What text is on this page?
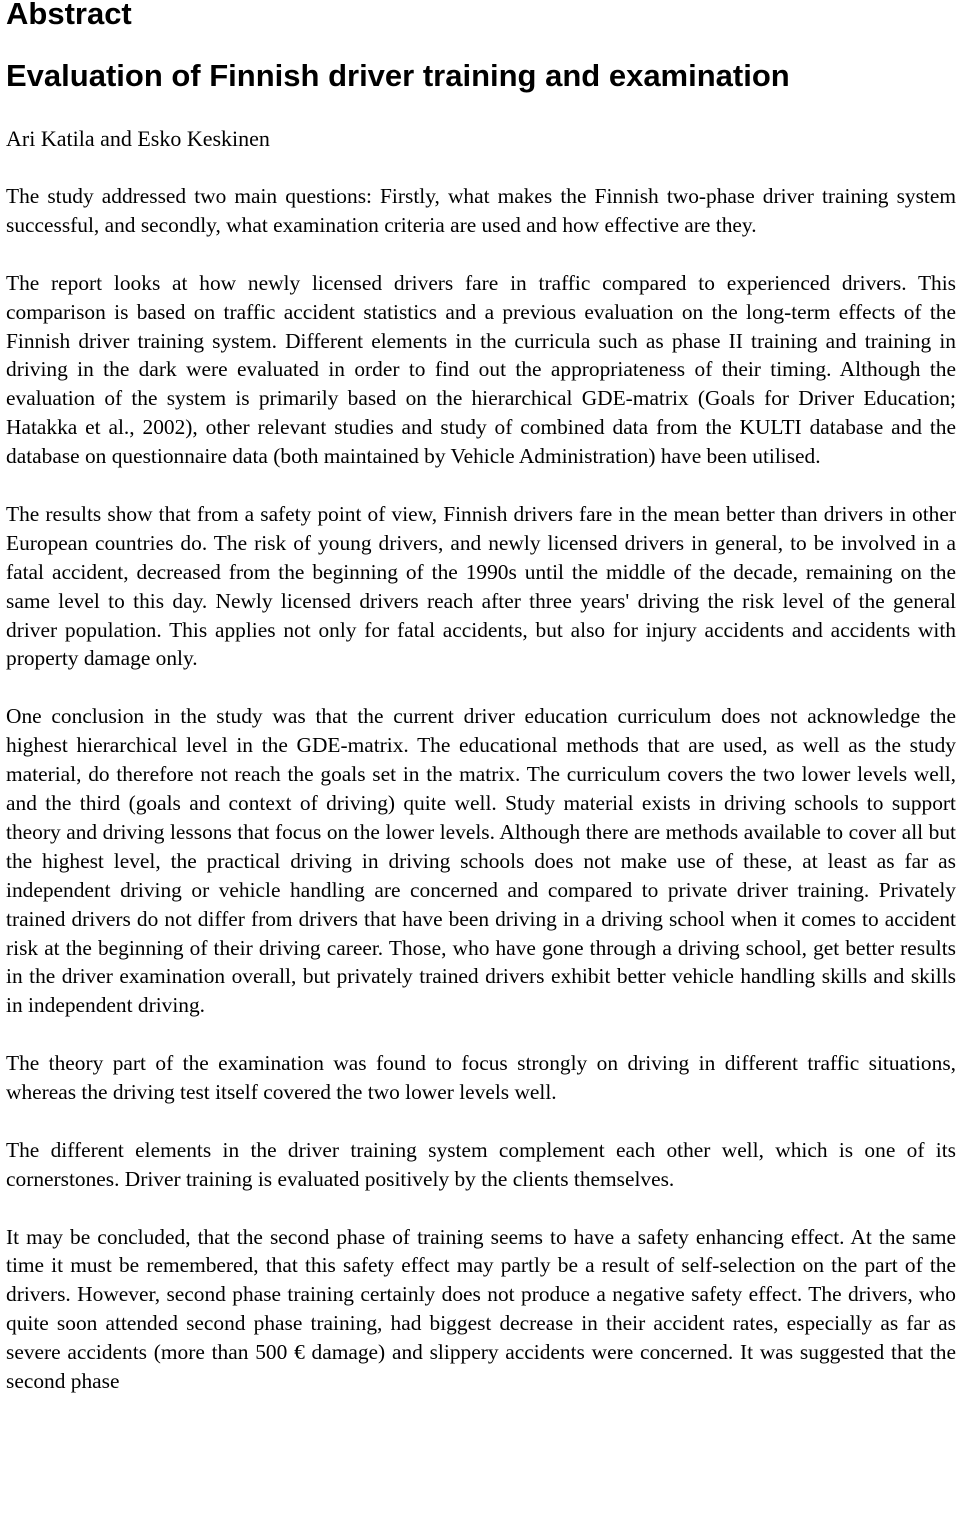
Abstract
Evaluation of Finnish driver training and examination

Ari Katila and Esko Keskinen

The study addressed two main questions: Firstly, what makes the Finnish two-phase driver training system successful, and secondly, what examination criteria are used and how effective are they.

The report looks at how newly licensed drivers fare in traffic compared to experienced drivers. This comparison is based on traffic accident statistics and a previous evaluation on the long-term effects of the Finnish driver training system. Different elements in the curricula such as phase II training and training in driving in the dark were evaluated in order to find out the appropriateness of their timing. Although the evaluation of the system is primarily based on the hierarchical GDE-matrix (Goals for Driver Education; Hatakka et al., 2002), other relevant studies and study of combined data from the KULTI database and the database on questionnaire data (both maintained by Vehicle Administration) have been utilised.

The results show that from a safety point of view, Finnish drivers fare in the mean better than drivers in other European countries do. The risk of young drivers, and newly licensed drivers in general, to be involved in a fatal accident, decreased from the beginning of the 1990s until the middle of the decade, remaining on the same level to this day. Newly licensed drivers reach after three years' driving the risk level of the general driver population. This applies not only for fatal accidents, but also for injury accidents and accidents with property damage only.

One conclusion in the study was that the current driver education curriculum does not acknowledge the highest hierarchical level in the GDE-matrix. The educational methods that are used, as well as the study material, do therefore not reach the goals set in the matrix. The curriculum covers the two lower levels well, and the third (goals and context of driving) quite well. Study material exists in driving schools to support theory and driving lessons that focus on the lower levels. Although there are methods available to cover all but the highest level, the practical driving in driving schools does not make use of these, at least as far as independent driving or vehicle handling are concerned and compared to private driver training. Privately trained drivers do not differ from drivers that have been driving in a driving school when it comes to accident risk at the beginning of their driving career. Those, who have gone through a driving school, get better results in the driver examination overall, but privately trained drivers exhibit better vehicle handling skills and skills in independent driving.

The theory part of the examination was found to focus strongly on driving in different traffic situations, whereas the driving test itself covered the two lower levels well.

The different elements in the driver training system complement each other well, which is one of its cornerstones. Driver training is evaluated positively by the clients themselves.

It may be concluded, that the second phase of training seems to have a safety enhancing effect. At the same time it must be remembered, that this safety effect may partly be a result of self-selection on the part of the drivers. However, second phase training certainly does not produce a negative safety effect. The drivers, who quite soon attended second phase training, had biggest decrease in their accident rates, especially as far as severe accidents (more than 500 € damage) and slippery accidents were concerned. It was suggested that the second phase
